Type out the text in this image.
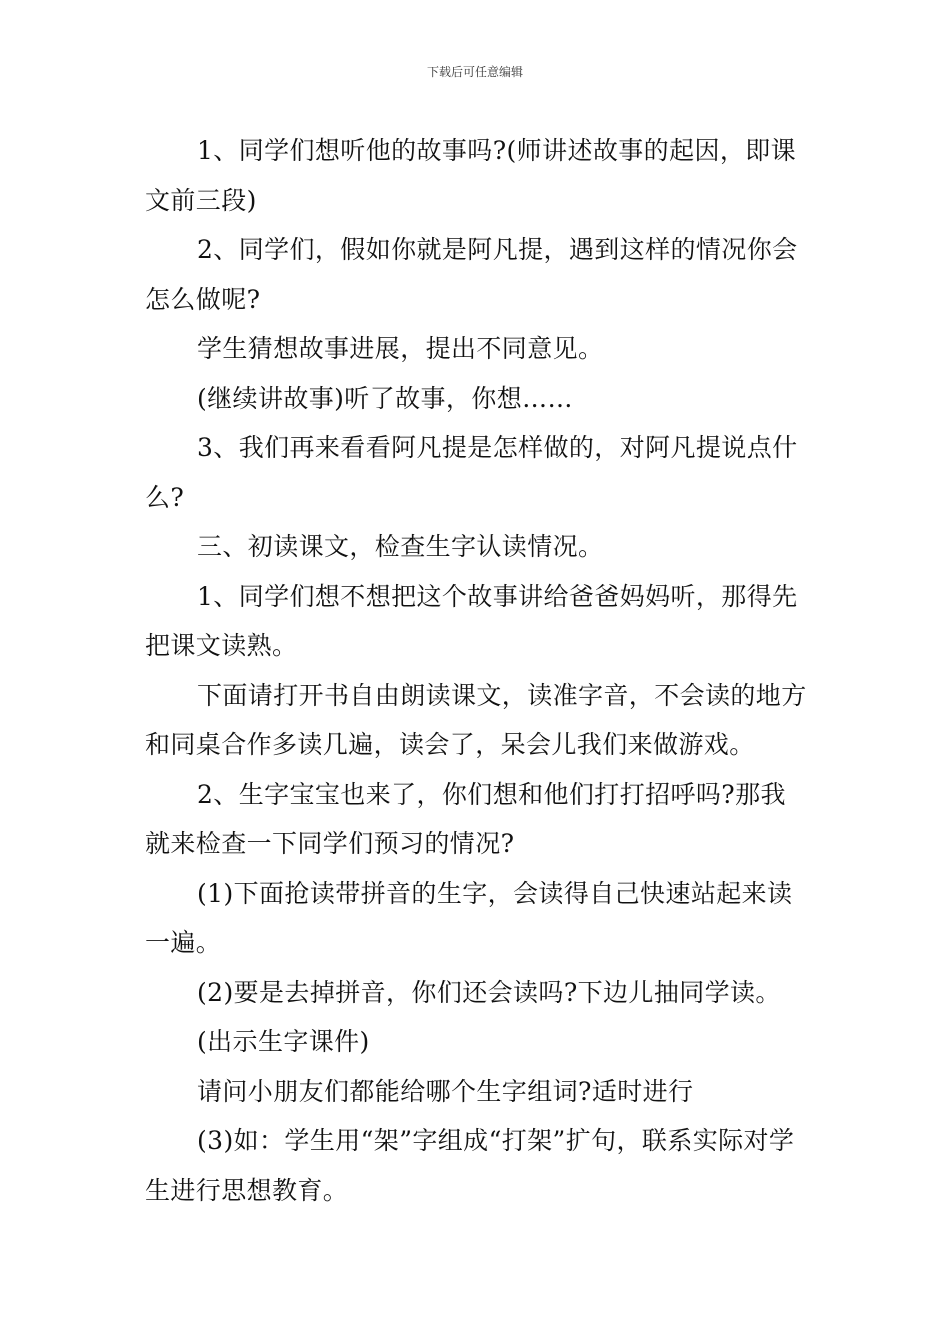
下载后可任意编辑

1、同学们想听他的故事吗?(师讲述故事的起因，即课文前三段)

2、同学们，假如你就是阿凡提，遇到这样的情况你会怎么做呢?

学生猜想故事进展，提出不同意见。

(继续讲故事)听了故事，你想……

3、我们再来看看阿凡提是怎样做的，对阿凡提说点什么?

三、初读课文，检查生字认读情况。

1、同学们想不想把这个故事讲给爸爸妈妈听，那得先把课文读熟。

下面请打开书自由朗读课文，读准字音，不会读的地方和同桌合作多读几遍，读会了，呆会儿我们来做游戏。

2、生字宝宝也来了，你们想和他们打打招呼吗?那我就来检查一下同学们预习的情况?

(1)下面抢读带拼音的生字，会读得自己快速站起来读一遍。

(2)要是去掉拼音，你们还会读吗?下边儿抽同学读。

(出示生字课件)

请问小朋友们都能给哪个生字组词?适时进行

(3)如：学生用“架”字组成“打架”扩句，联系实际对学生进行思想教育。
